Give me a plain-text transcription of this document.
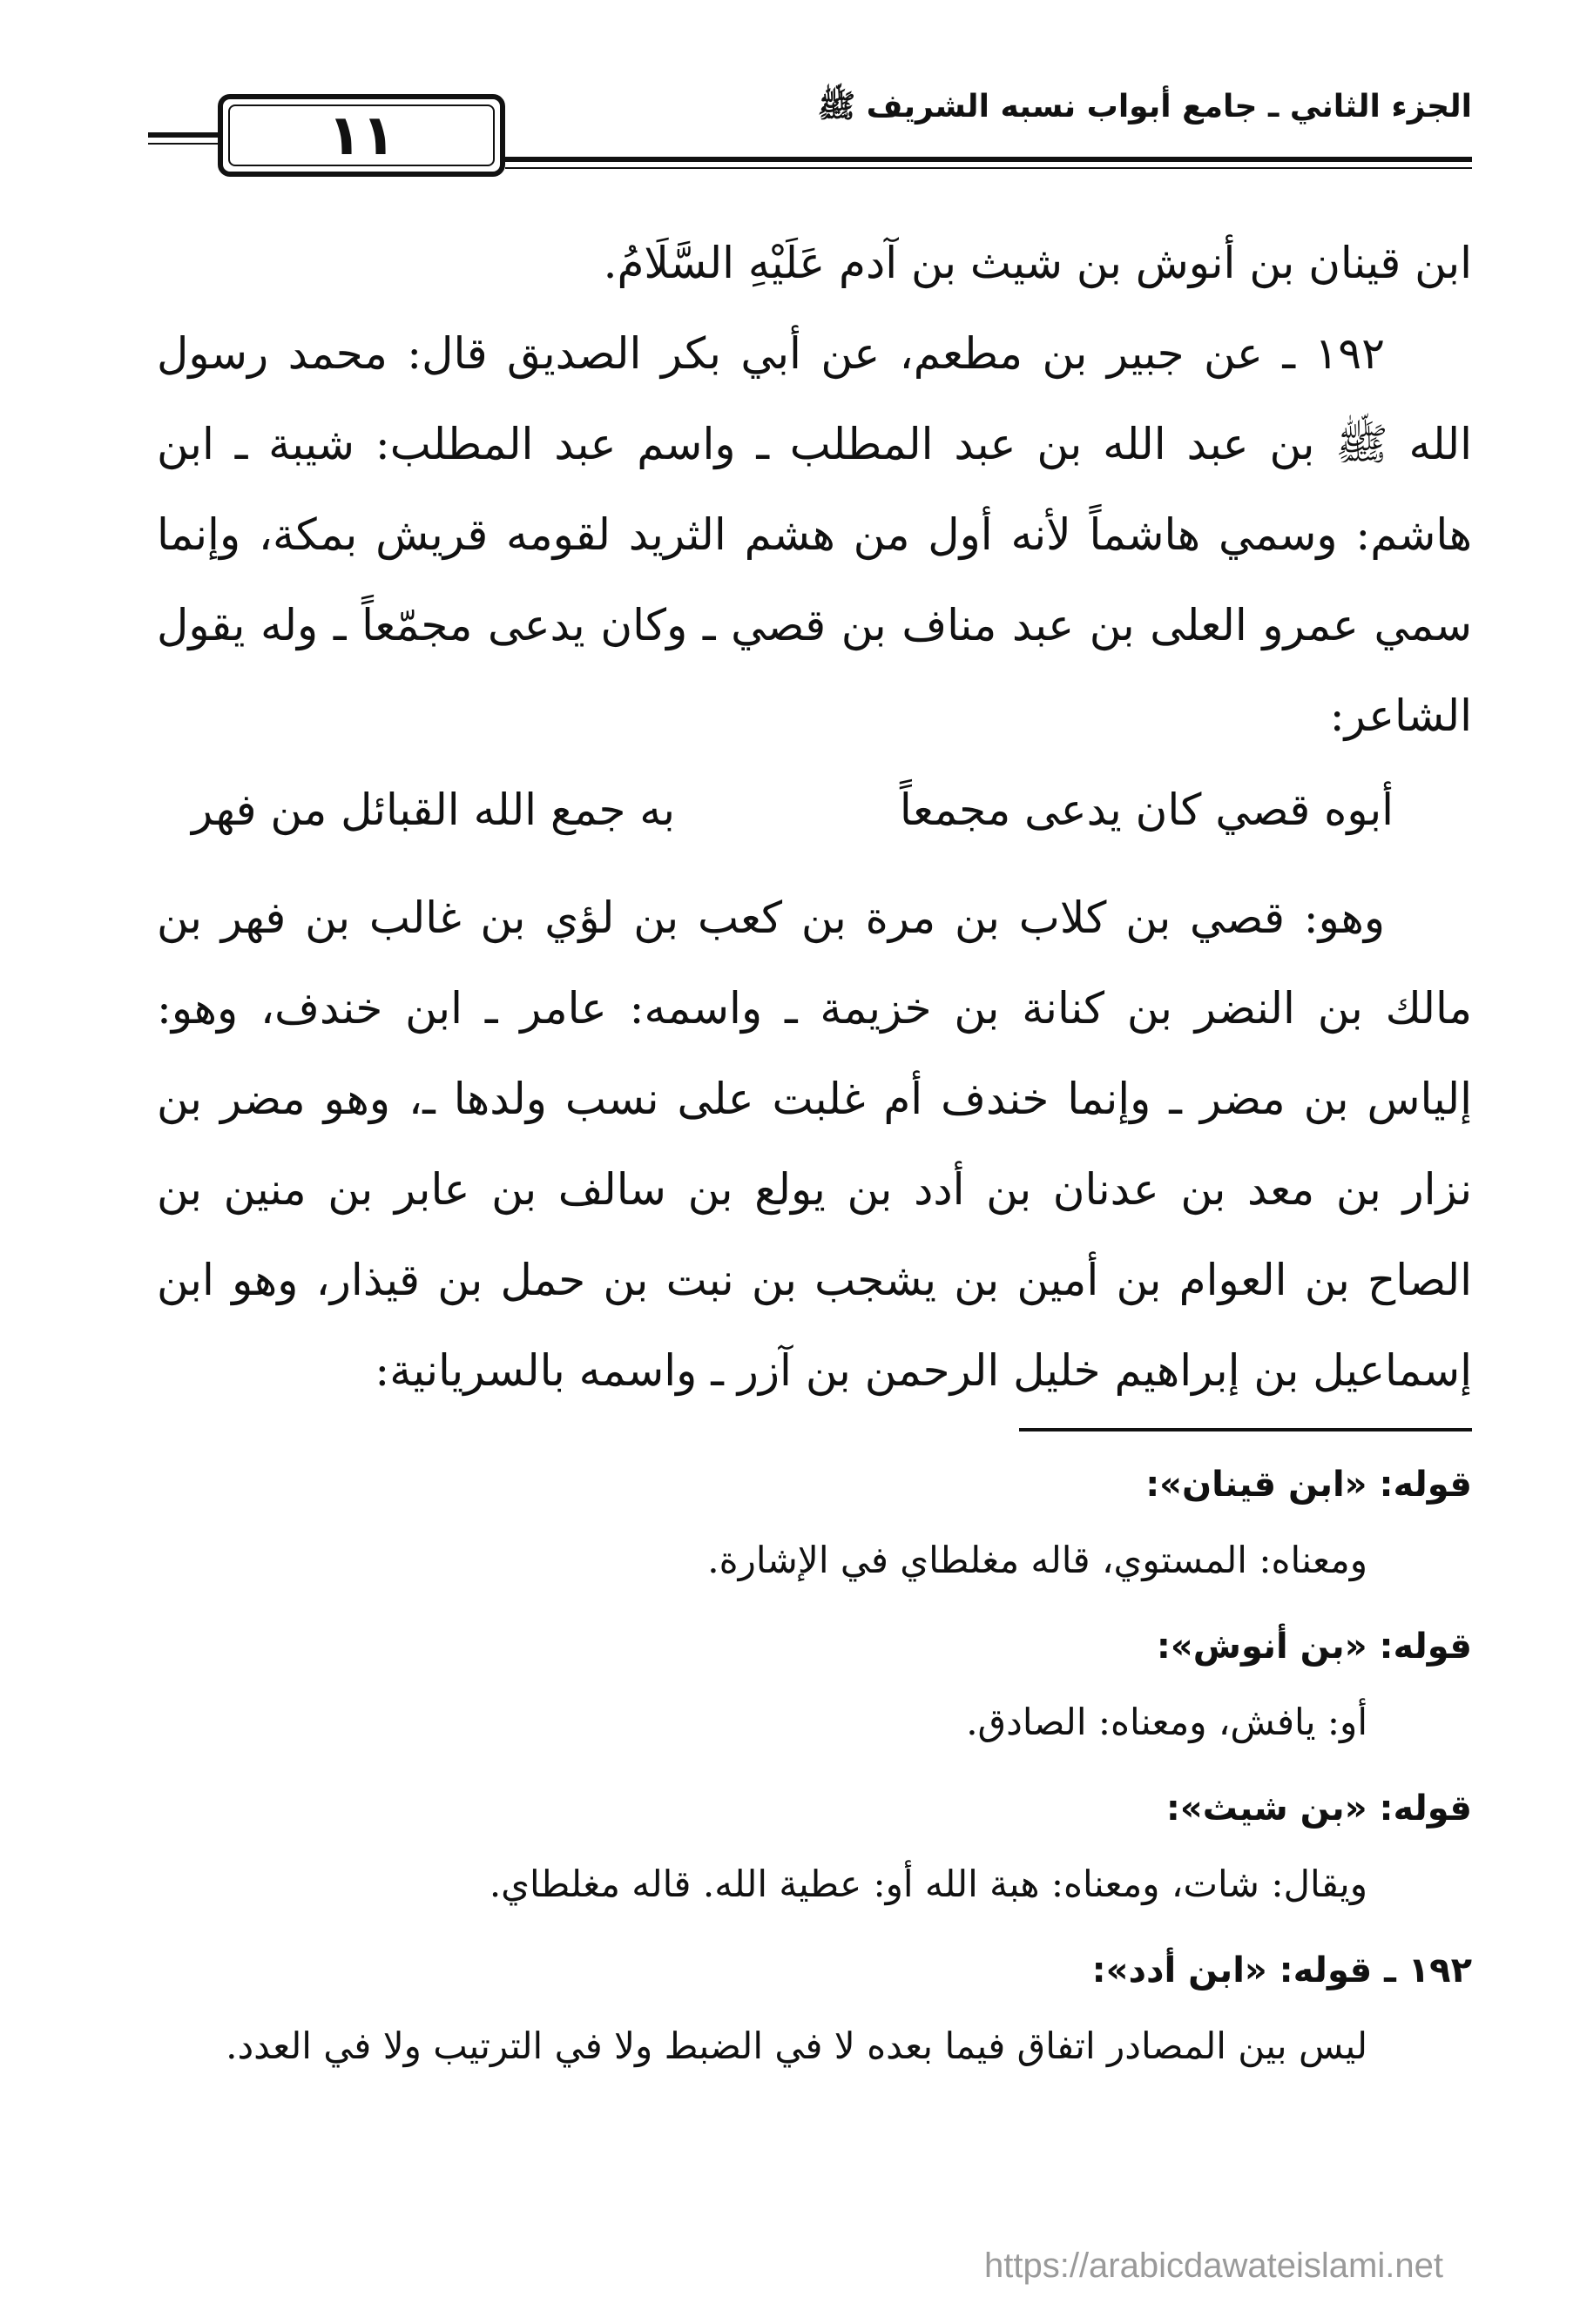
١١	الجزء الثاني ـ جامع أبواب نسبه الشريف ﷺ

ابن قينان بن أنوش بن شيث بن آدم عَلَيْهِ السَّلَامُ.

١٩٢ ـ عن جبير بن مطعم، عن أبي بكر الصديق قال: محمد رسول الله ﷺ بن عبد الله بن عبد المطلب ـ واسم عبد المطلب: شيبة ـ ابن هاشم: وسمي هاشماً لأنه أول من هشم الثريد لقومه قريش بمكة، وإنما سمي عمرو العلى بن عبد مناف بن قصي ـ وكان يدعى مجمّعاً ـ وله يقول الشاعر:

أبوه قصي كان يدعى مجمعاً
به جمع الله القبائل من فهر

وهو: قصي بن كلاب بن مرة بن كعب بن لؤي بن غالب بن فهر بن مالك بن النضر بن كنانة بن خزيمة ـ واسمه: عامر ـ ابن خندف، وهو: إلياس بن مضر ـ وإنما خندف أم غلبت على نسب ولدها ـ، وهو مضر بن نزار بن معد بن عدنان بن أدد بن يولع بن سالف بن عابر بن منين بن الصاح بن العوام بن أمين بن يشجب بن نبت بن حمل بن قيذار، وهو ابن إسماعيل بن إبراهيم خليل الرحمن بن آزر ـ واسمه بالسريانية:

قوله: «ابن قينان»:

ومعناه: المستوي، قاله مغلطاي في الإشارة.

قوله: «بن أنوش»:

أو: يافش، ومعناه: الصادق.

قوله: «بن شيث»:

ويقال: شات، ومعناه: هبة الله أو: عطية الله. قاله مغلطاي.

١٩٢ ـ قوله: «ابن أدد»:

ليس بين المصادر اتفاق فيما بعده لا في الضبط ولا في الترتيب ولا في العدد.

https://arabicdawateislami.net
